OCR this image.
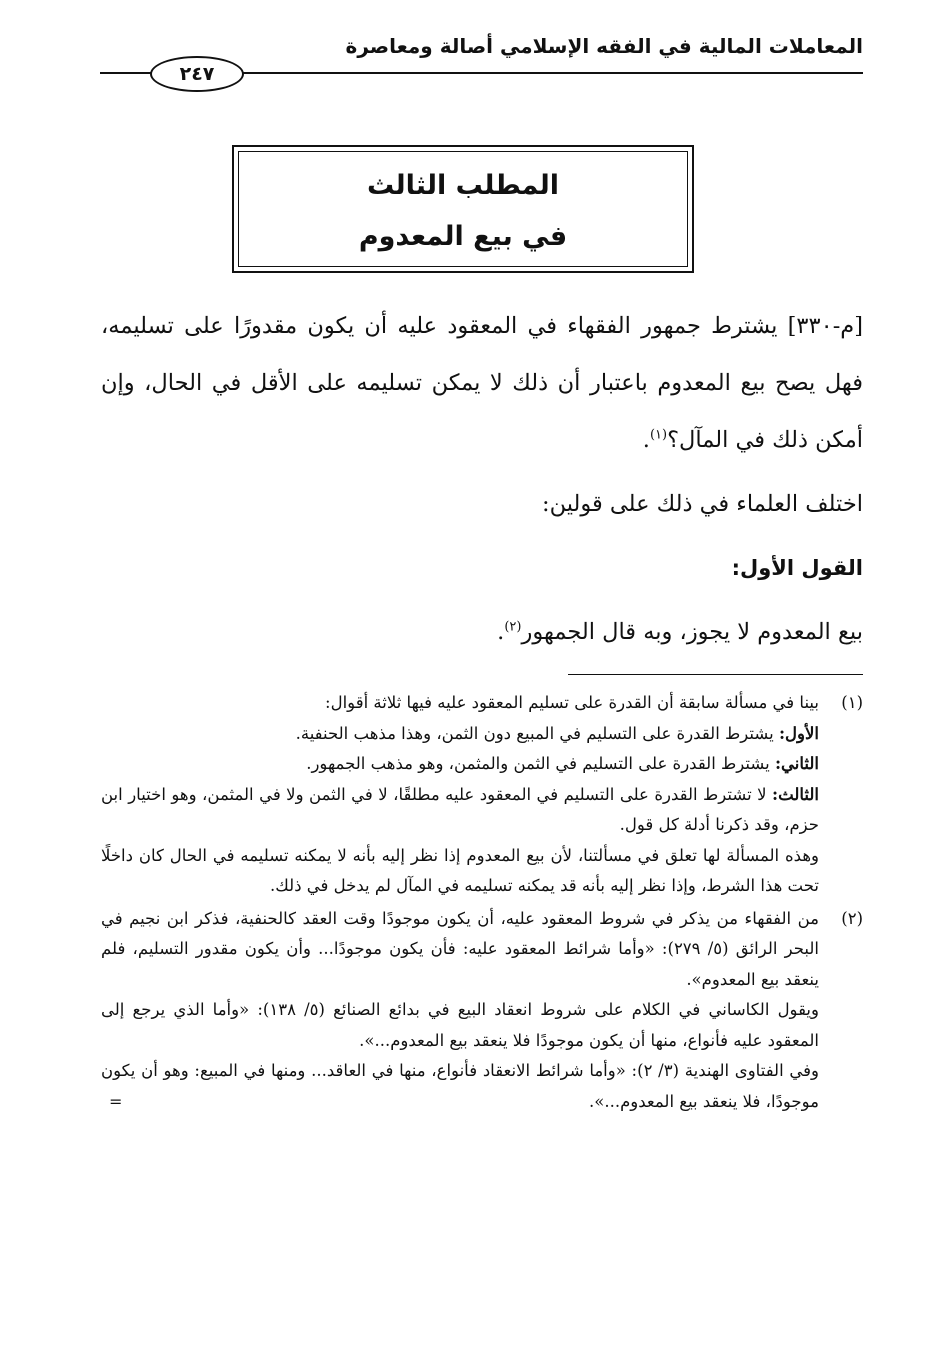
المعاملات المالية في الفقه الإسلامي أصالة ومعاصرة
٢٤٧
المطلب الثالث
في بيع المعدوم

[م-٣٣٠] يشترط جمهور الفقهاء في المعقود عليه أن يكون مقدورًا على تسليمه، فهل يصح بيع المعدوم باعتبار أن ذلك لا يمكن تسليمه على الأقل في الحال، وإن أمكن ذلك في المآل؟$^{(١)}$.

اختلف العلماء في ذلك على قولين:

القول الأول:

بيع المعدوم لا يجوز، وبه قال الجمهور$^{(٢)}$.

(١)

بينا في مسألة سابقة أن القدرة على تسليم المعقود عليه فيها ثلاثة أقوال:

الأول: يشترط القدرة على التسليم في المبيع دون الثمن، وهذا مذهب الحنفية.

الثاني: يشترط القدرة على التسليم في الثمن والمثمن، وهو مذهب الجمهور.

الثالث: لا تشترط القدرة على التسليم في المعقود عليه مطلقًا، لا في الثمن ولا في المثمن، وهو اختيار ابن حزم، وقد ذكرنا أدلة كل قول.

وهذه المسألة لها تعلق في مسألتنا، لأن بيع المعدوم إذا نظر إليه بأنه لا يمكنه تسليمه في الحال كان داخلًا تحت هذا الشرط، وإذا نظر إليه بأنه قد يمكنه تسليمه في المآل لم يدخل في ذلك.

(٢)

من الفقهاء من يذكر في شروط المعقود عليه، أن يكون موجودًا وقت العقد كالحنفية، فذكر ابن نجيم في البحر الرائق (٥/ ٢٧٩): «وأما شرائط المعقود عليه: فأن يكون موجودًا... وأن يكون مقدور التسليم، فلم ينعقد بيع المعدوم».

ويقول الكاساني في الكلام على شروط انعقاد البيع في بدائع الصنائع (٥/ ١٣٨): «وأما الذي يرجع إلى المعقود عليه فأنواع، منها أن يكون موجودًا فلا ينعقد بيع المعدوم...».

وفي الفتاوى الهندية (٣/ ٢): «وأما شرائط الانعقاد فأنواع، منها في العاقد... ومنها في المبيع: وهو أن يكون موجودًا، فلا ينعقد بيع المعدوم...».

=
